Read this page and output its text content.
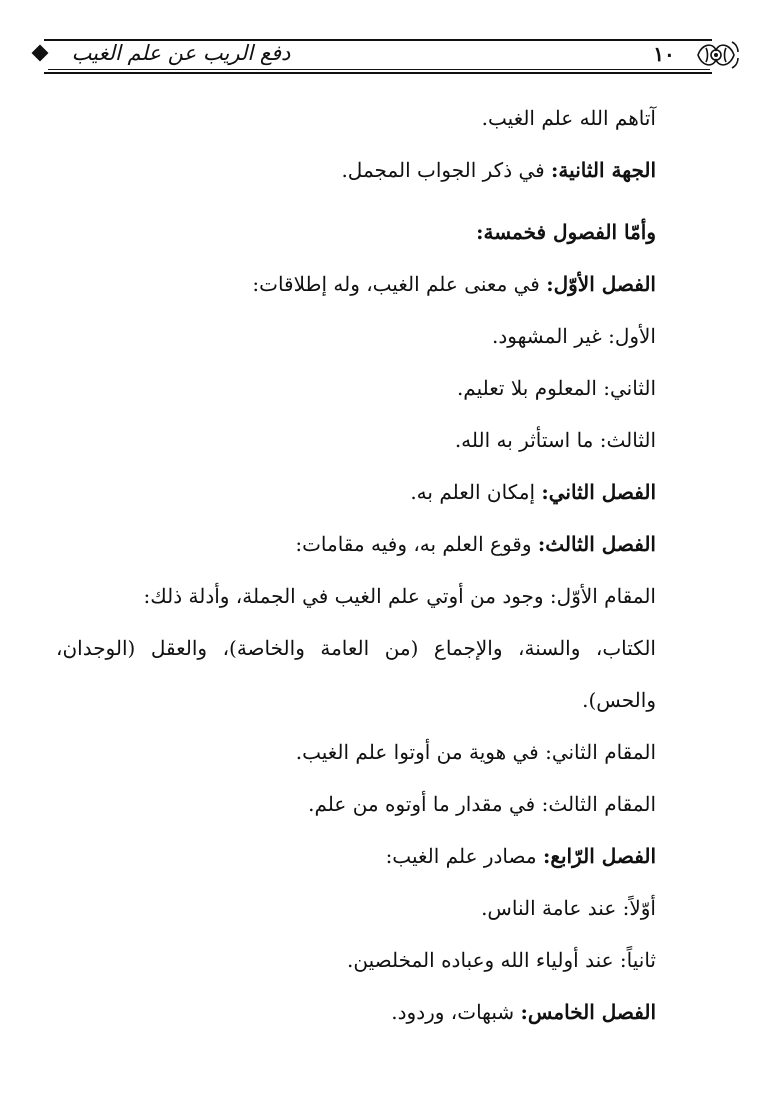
دفع الريب عن علم الغيب	١٠
آتاهم الله علم الغيب.
الجهة الثانية: في ذكر الجواب المجمل.
وأمّا الفصول فخمسة:
الفصل الأوّل: في معنى علم الغيب، وله إطلاقات:
الأول: غير المشهود.
الثاني: المعلوم بلا تعليم.
الثالث: ما استأثر به الله.
الفصل الثاني: إمكان العلم به.
الفصل الثالث: وقوع العلم به، وفيه مقامات:
المقام الأوّل: وجود من أوتي علم الغيب في الجملة، وأدلة ذلك:
الكتاب، والسنة، والإجماع (من العامة والخاصة)، والعقل (الوجدان،
والحس).
المقام الثاني: في هوية من أوتوا علم الغيب.
المقام الثالث: في مقدار ما أوتوه من علم.
الفصل الرّابع: مصادر علم الغيب:
أوّلاً: عند عامة الناس.
ثانياً: عند أولياء الله وعباده المخلصين.
الفصل الخامس: شبهات، وردود.
